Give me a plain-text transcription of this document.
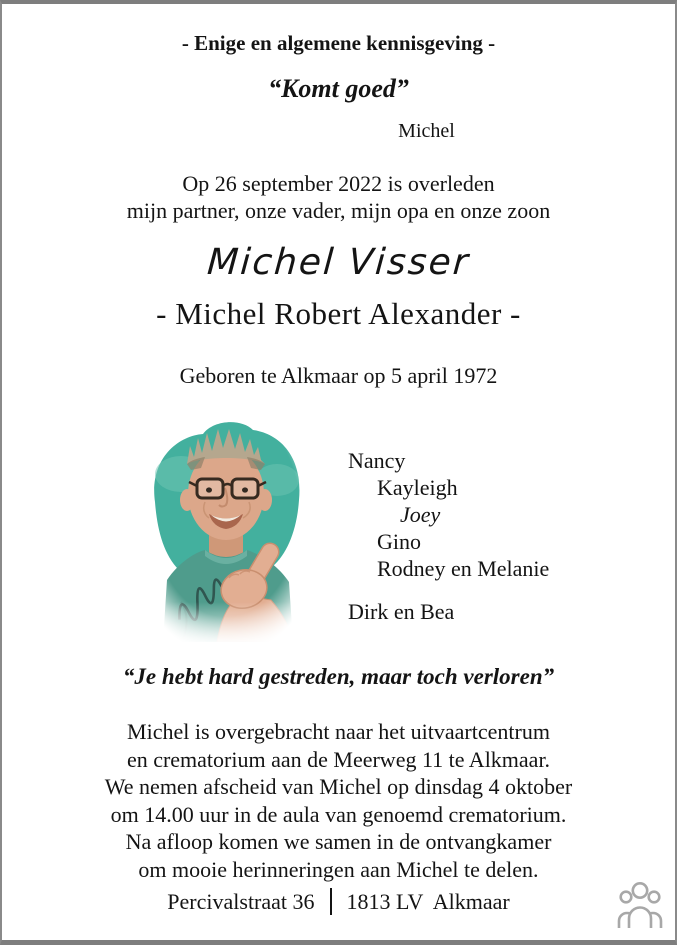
- Enige en algemene kennisgeving -
“Komt goed”
Michel
Op 26 september 2022 is overleden
mijn partner, onze vader, mijn opa en onze zoon
Michel Visser
- Michel Robert Alexander -
Geboren te Alkmaar op 5 april 1972
Nancy
Kayleigh
Joey
Gino
Rodney en Melanie
Dirk en Bea
“Je hebt hard gestreden, maar toch verloren”
Michel is overgebracht naar het uitvaartcentrum
en crematorium aan de Meerweg 11 te Alkmaar.
We nemen afscheid van Michel op dinsdag 4 oktober
om 14.00 uur in de aula van genoemd crematorium.
Na afloop komen we samen in de ontvangkamer
om mooie herinneringen aan Michel te delen.
Percivalstraat 36 1813 LV  Alkmaar
